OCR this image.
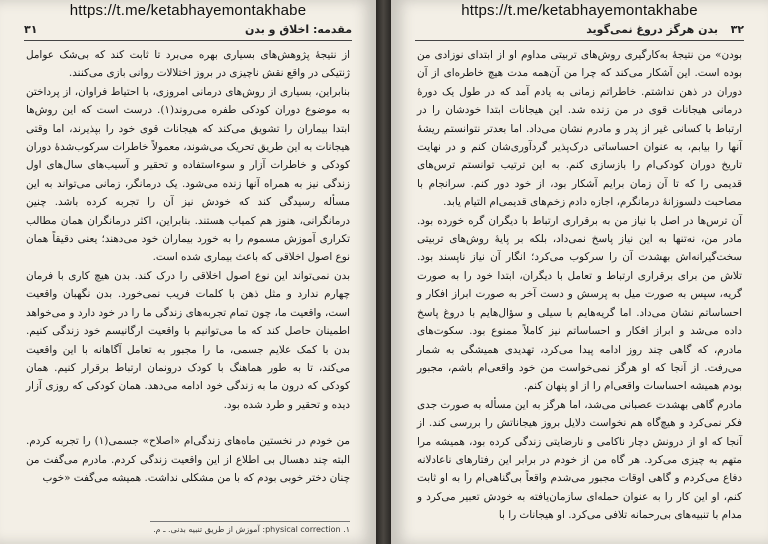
https://t.me/ketabhayemontakhabe
مقدمه: اخلاق و بدن
۳۱

از نتیجهٔ پژوهش‌های بسیاری بهره می‌برد تا ثابت کند که بی‌شک عوامل ژنتیکی در واقع نقش ناچیزی در بروز اختلالات روانی بازی می‌کنند.

بنابراین، بسیاری از روش‌های درمانی امروزی، با احتیاط فراوان، از پرداختن به موضوع دوران کودکی طفره می‌روند(۱). درست است که این روش‌ها ابتدا بیماران را تشویق می‌کند که هیجانات قوی خود را بپذیرند، اما وقتی هیجانات به این طریق تحریک می‌شوند، معمولاً خاطرات سرکوب‌شدهٔ دوران کودکی و خاطرات آزار و سوءاستفاده و تحقیر و آسیب‌های سال‌های اول زندگی نیز به همراه آنها زنده می‌شود. یک درمانگر، زمانی می‌تواند به این مسأله رسیدگی کند که خودش نیز آن را تجربه کرده باشد. چنین درمانگرانی، هنوز هم کمیاب هستند. بنابراین، اکثر درمانگران همان مطالب تکراری آموزش مسموم را به خورد بیماران خود می‌دهند؛ یعنی دقیقاً همان نوع اصول اخلاقی که باعث بیماری شده است.

بدن نمی‌تواند این نوع اصول اخلاقی را درک کند. بدن هیچ کاری با فرمان چهارم ندارد و مثل ذهن با کلمات فریب نمی‌خورد. بدن نگهبان واقعیت است، واقعیت ما، چون تمام تجربه‌های زندگی ما را در خود دارد و می‌خواهد اطمینان حاصل کند که ما می‌توانیم با واقعیت ارگانیسم خود زندگی کنیم. بدن با کمک علایم جسمی، ما را مجبور به تعامل آگاهانه با این واقعیت می‌کند، تا به طور هماهنگ با کودک درونمان ارتباط برقرار کنیم. همان کودکی که درون ما به زندگی خود ادامه می‌دهد. همان کودکی که روزی آزار دیده و تحقیر و طرد شده بود.

من خودم در نخستین ماه‌های زندگی‌ام «اصلاح» جسمی(۱) را تجربه کردم. البته چند دهسال بی اطلاع از این واقعیت زندگی کردم. مادرم می‌گفت من چنان دختر خوبی بودم که با من مشکلی نداشت. همیشه می‌گفت «خوب

۱. physical correction: آموزش از طریق تنبیه بدنی. ـ م.
https://t.me/ketabhayemontakhabe
۳۲
بدن هرگز دروغ نمی‌گوید

بودن» من نتیجهٔ به‌کارگیری روش‌های تربیتی مداوم او از ابتدای نوزادی من بوده است. این آشکار می‌کند که چرا من آن‌همه مدت هیچ خاطره‌ای از آن دوران در ذهن نداشتم. خاطراتم زمانی به یادم آمد که در طول یک دورهٔ درمانی هیجانات قوی در من زنده شد. این هیجانات ابتدا خودشان را در ارتباط با کسانی غیر از پدر و مادرم نشان می‌داد. اما بعدتر نتوانستم ریشهٔ آنها را بیابم، به عنوان احساساتی درک‌پذیر گردآوری‌شان کنم و در نهایت تاریخ دوران کودکی‌ام را بازسازی کنم. به این ترتیب توانستم ترس‌های قدیمی را که تا آن زمان برایم آشکار بود، از خود دور کنم. سرانجام با مصاحبت دلسوزانهٔ درمانگرم، اجازه دادم زخم‌های قدیمی‌ام التیام یابد.

آن ترس‌ها در اصل با نیاز من به برقراری ارتباط با دیگران گره خورده بود. مادر من، نه‌تنها به این نیاز پاسخ نمی‌داد، بلکه بر پایهٔ روش‌های تربیتی سخت‌گیرانه‌اش بهشدت آن را سرکوب می‌کرد؛ انگار آن نیاز ناپسند بود. تلاش من برای برقراری ارتباط و تعامل با دیگران، ابتدا خود را به صورت گریه، سپس به صورت میل به پرسش و دست آخر به صورت ابراز افکار و احساساتم نشان می‌داد. اما گریه‌هایم با سیلی و سؤال‌هایم با دروغ پاسخ داده می‌شد و ابراز افکار و احساساتم نیز کاملاً ممنوع بود. سکوت‌های مادرم، که گاهی چند روز ادامه پیدا می‌کرد، تهدیدی همیشگی به شمار می‌رفت. از آنجا که او هرگز نمی‌خواست من خود واقعی‌ام باشم، مجبور بودم همیشه احساسات واقعی‌ام را از او پنهان کنم.

مادرم گاهی بهشدت عصبانی می‌شد، اما هرگز به این مسأله به صورت جدی فکر نمی‌کرد و هیچ‌گاه هم نخواست دلایل بروز هیجاناتش را بررسی کند. از آنجا که او از درونش دچار ناکامی و نارضایتی زندگی کرده بود، همیشه مرا متهم به چیزی می‌کرد. هر گاه من از خودم در برابر این رفتارهای ناعادلانه دفاع می‌کردم و گاهی اوقات مجبور می‌شدم واقعاً بی‌گناهی‌ام را به او ثابت کنم، او این کار را به عنوان حمله‌ای سازمان‌یافته به خودش تعبیر می‌کرد و مدام با تنبیه‌های بی‌رحمانه تلافی می‌کرد. او هیجانات را با
